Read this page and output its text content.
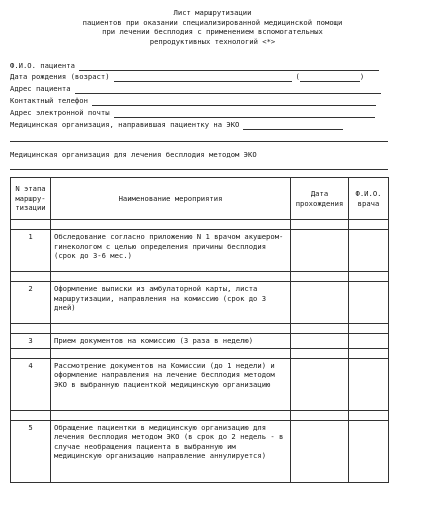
Лист маршрутизации
пациентов при оказании специализированной медицинской помощи
при лечении бесплодия с применением вспомогательных
репродуктивных технологий <*>
Ф.И.О. пациента
Дата рождения (возраст)	(	)
Адрес пациента
Контактный телефон
Адрес электронной почты
Медицинская организация, направившая пациентку на ЭКО
Медицинская организация для лечения бесплодия методом ЭКО
N этапа маршру-тизации	Наименование мероприятия	Дата прохождения	Ф.И.О. врача

1	Обследование согласно приложению N 1 врачом акушером-гинекологом с целью определения причины бесплодия (срок до 3-6 мес.)		

2	Оформление выписки из амбулаторной карты, листа маршрутизации, направления на комиссию (срок до 3 дней)		

3	Прием документов на комиссию (3 раза в неделю)		

4	Рассмотрение документов на Комиссии (до 1 недели) и оформление направления на лечение бесплодия методом ЭКО в выбранную пациенткой медицинскую организацию		

5	Обращение пациентки в медицинскую организацию для лечения бесплодия методом ЭКО (в срок до 2 недель - в случае необращения пациента в выбранную им медицинскую организацию направление аннулируется)		
